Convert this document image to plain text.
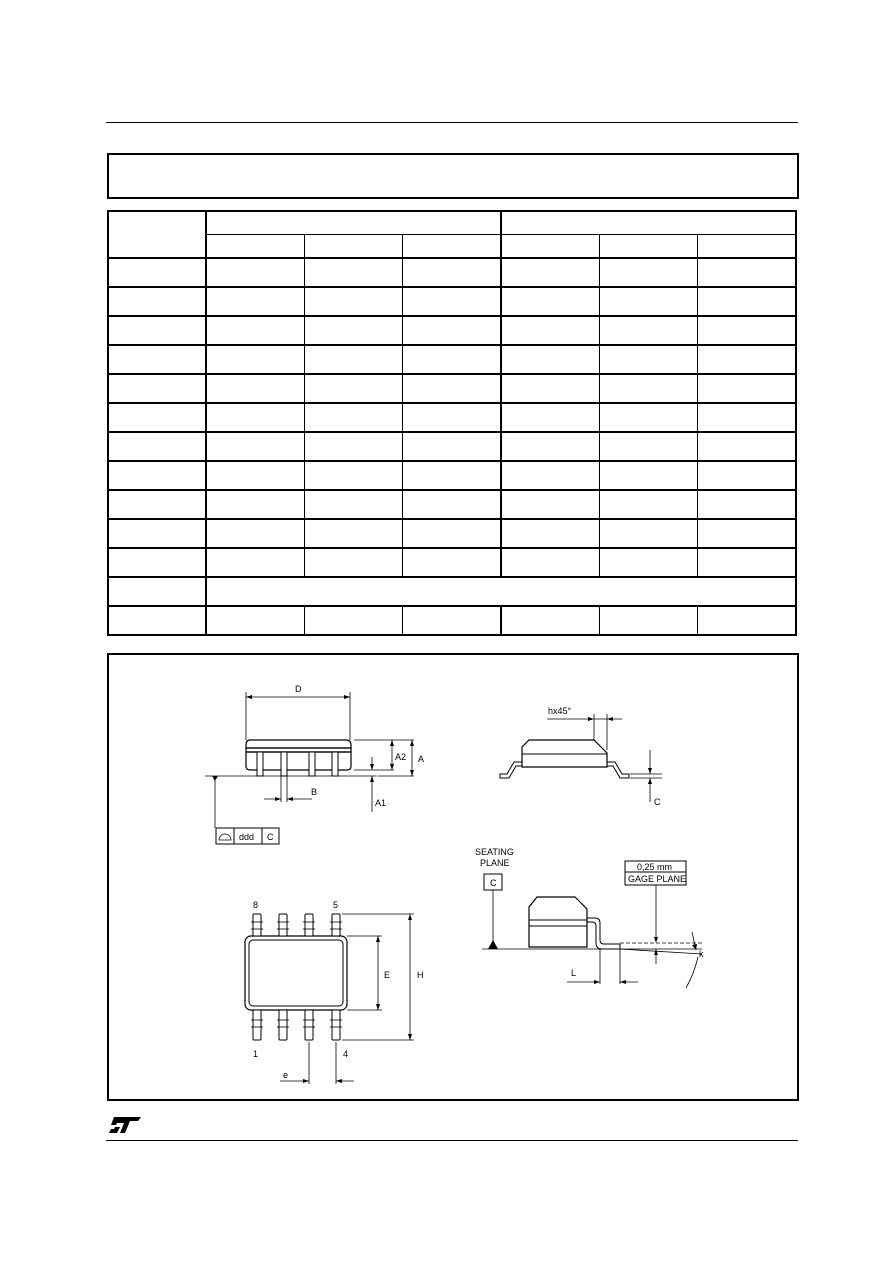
D
A2 A
B
A1
ddd C
hx45°
C
SEATING
PLANE
C
0,25 mm
GAGE PLANE
L
k
8	5
1	4
E	H
e
